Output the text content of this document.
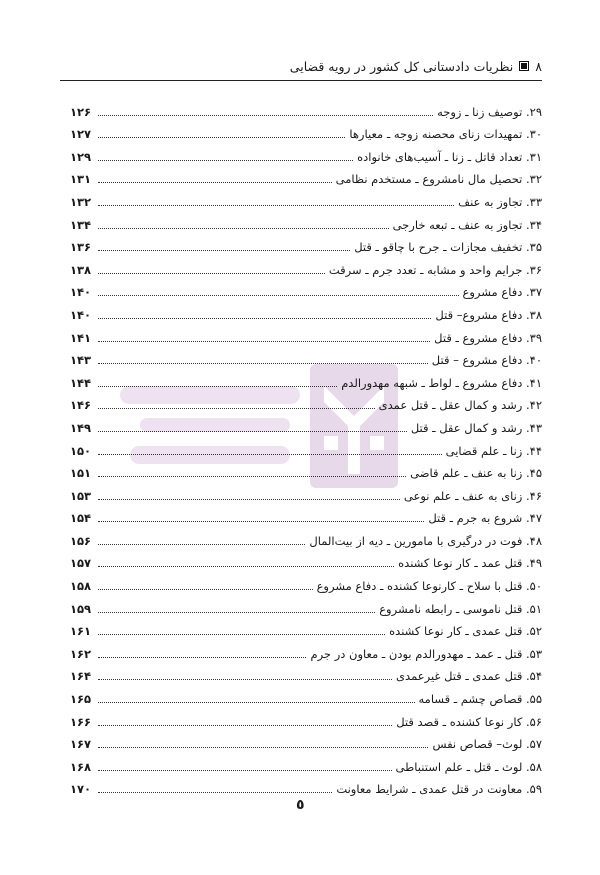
۸
نظریات دادستانی کل کشور در رویه قضایی
۲۹. توصیف زنا ـ زوجه
۱۲۶
۳۰. تمهیدات زنای محصنه زوجه ـ معیارها
۱۲۷
۳۱. تعداد قاتل ـ زنا ـ آسیب‌های خانواده
۱۲۹
۳۲. تحصیل مال نامشروع ـ مستخدم نظامی
۱۳۱
۳۳. تجاوز به عنف
۱۳۲
۳۴. تجاوز به عنف ـ تبعه خارجی
۱۳۴
۳۵. تخفیف مجازات ـ جرح با چاقو ـ قتل
۱۳۶
۳۶. جرایم واحد و مشابه ـ تعدد جرم ـ سرقت
۱۳۸
۳۷. دفاع مشروع
۱۴۰
۳۸. دفاع مشروع– قتل
۱۴۰
۳۹. دفاع مشروع ـ قتل
۱۴۱
۴۰. دفاع مشروع – قتل
۱۴۳
۴۱. دفاع مشروع ـ لواط ـ شبهه مهدورالدم
۱۴۴
۴۲. رشد و کمال عقل ـ قتل عمدی
۱۴۶
۴۳. رشد و کمال عقل ـ قتل
۱۴۹
۴۴. زنا ـ علم قضایی
۱۵۰
۴۵. زنا به عنف ـ علم قاضی
۱۵۱
۴۶. زنای به عنف ـ علم نوعی
۱۵۳
۴۷. شروع به جرم ـ قتل
۱۵۴
۴۸. فوت در درگیری با مامورین ـ دیه از بیت‌المال
۱۵۶
۴۹. قتل عمد ـ کار نوعا کشنده
۱۵۷
۵۰. قتل با سلاح ـ کارنوعا کشنده ـ دفاع مشروع
۱۵۸
۵۱. قتل ناموسی ـ رابطه نامشروع
۱۵۹
۵۲. قتل عمدی ـ کار نوعا کشنده
۱۶۱
۵۳. قتل ـ عمد ـ مهدورالدم بودن ـ معاون در جرم
۱۶۲
۵۴. قتل عمدی ـ قتل غیرعمدی
۱۶۴
۵۵. قصاص چشم ـ قسامه
۱۶۵
۵۶. کار نوعا کشنده ـ قصد قتل
۱۶۶
۵۷. لوث– قصاص نفس
۱۶۷
۵۸. لوث ـ قتل ـ علم استنباطی
۱۶۸
۵۹. معاونت در قتل عمدی ـ شرایط معاونت
۱۷۰
٥
